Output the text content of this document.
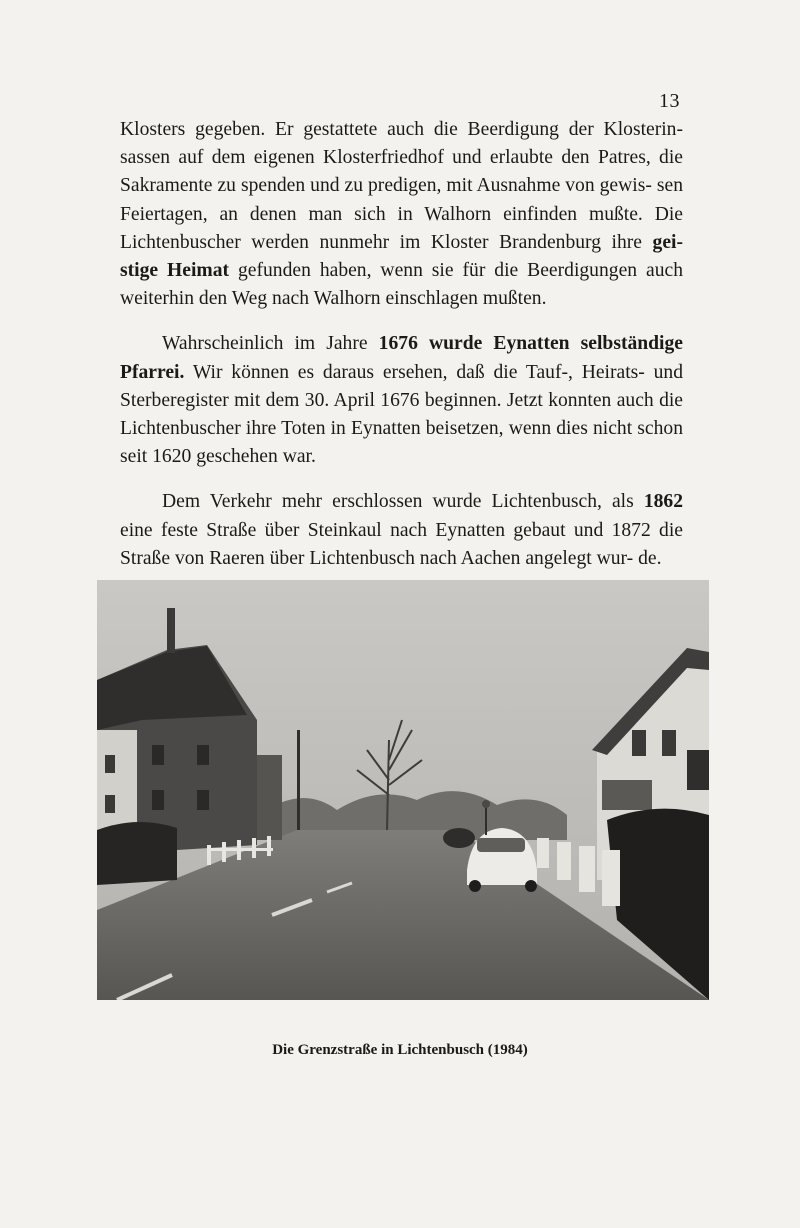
13

Klosters gegeben. Er gestattete auch die Beerdigung der Klosterin- sassen auf dem eigenen Klosterfriedhof und erlaubte den Patres, die Sakramente zu spenden und zu predigen, mit Ausnahme von gewis- sen Feiertagen, an denen man sich in Walhorn einfinden mußte. Die Lichtenbuscher werden nunmehr im Kloster Brandenburg ihre gei- stige Heimat gefunden haben, wenn sie für die Beerdigungen auch weiterhin den Weg nach Walhorn einschlagen mußten.

Wahrscheinlich im Jahre 1676 wurde Eynatten selbständige Pfarrei. Wir können es daraus ersehen, daß die Tauf-, Heirats- und Sterberegister mit dem 30. April 1676 beginnen. Jetzt konnten auch die Lichtenbuscher ihre Toten in Eynatten beisetzen, wenn dies nicht schon seit 1620 geschehen war.

Dem Verkehr mehr erschlossen wurde Lichtenbusch, als 1862 eine feste Straße über Steinkaul nach Eynatten gebaut und 1872 die Straße von Raeren über Lichtenbusch nach Aachen angelegt wur- de.

Die Grenzstraße in Lichtenbusch (1984)
